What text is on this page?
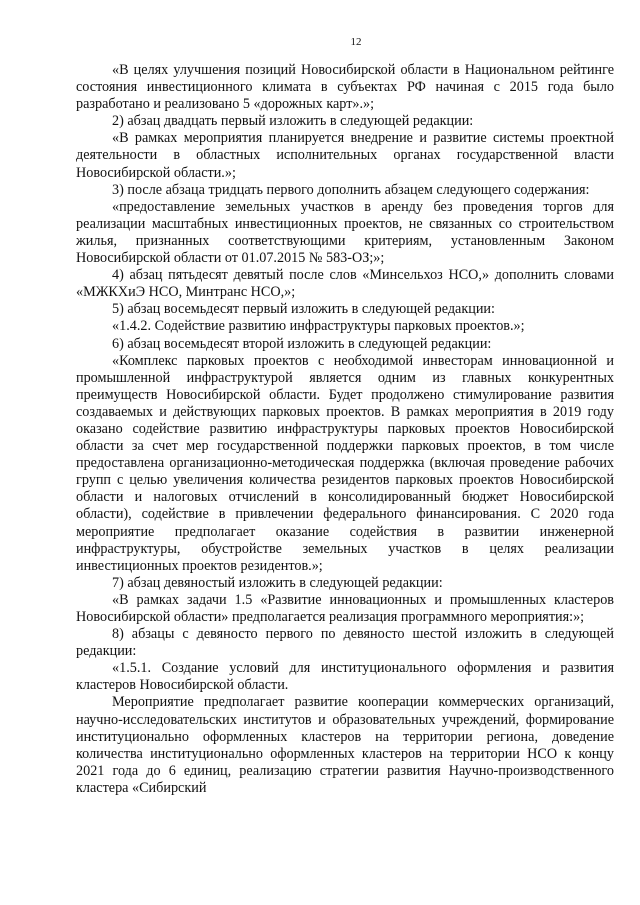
12

«В целях улучшения позиций Новосибирской области в Национальном рейтинге состояния инвестиционного климата в субъектах РФ начиная с 2015 года было разработано и реализовано 5 «дорожных карт».»;

2) абзац двадцать первый изложить в следующей редакции:

«В рамках мероприятия планируется внедрение и развитие системы проектной деятельности в областных исполнительных органах государственной власти Новосибирской области.»;

3) после абзаца тридцать первого дополнить абзацем следующего содержания:

«предоставление земельных участков в аренду без проведения торгов для реализации масштабных инвестиционных проектов, не связанных со строительством жилья, признанных соответствующими критериям, установленным Законом Новосибирской области от 01.07.2015 № 583-ОЗ;»;

4) абзац пятьдесят девятый после слов «Минсельхоз НСО,» дополнить словами «МЖКХиЭ НСО, Минтранс НСО,»;

5) абзац восемьдесят первый изложить в следующей редакции:

«1.4.2. Содействие развитию инфраструктуры парковых проектов.»;

6) абзац восемьдесят второй изложить в следующей редакции:

«Комплекс парковых проектов с необходимой инвесторам инновационной и промышленной инфраструктурой является одним из главных конкурентных преимуществ Новосибирской области. Будет продолжено стимулирование развития создаваемых и действующих парковых проектов. В рамках мероприятия в 2019 году оказано содействие развитию инфраструктуры парковых проектов Новосибирской области за счет мер государственной поддержки парковых проектов, в том числе предоставлена организационно-методическая поддержка (включая проведение рабочих групп с целью увеличения количества резидентов парковых проектов Новосибирской области и налоговых отчислений в консолидированный бюджет Новосибирской области), содействие в привлечении федерального финансирования. С 2020 года мероприятие предполагает оказание содействия в развитии инженерной инфраструктуры, обустройстве земельных участков в целях реализации инвестиционных проектов резидентов.»;

7) абзац девяностый изложить в следующей редакции:

«В рамках задачи 1.5 «Развитие инновационных и промышленных кластеров Новосибирской области» предполагается реализация программного мероприятия:»;

8) абзацы с девяносто первого по девяносто шестой изложить в следующей редакции:

«1.5.1. Создание условий для институционального оформления и развития кластеров Новосибирской области.

Мероприятие предполагает развитие кооперации коммерческих организаций, научно-исследовательских институтов и образовательных учреждений, формирование институционально оформленных кластеров на территории региона, доведение количества институционально оформленных кластеров на территории НСО к концу 2021 года до 6 единиц, реализацию стратегии развития Научно-производственного кластера «Сибирский
